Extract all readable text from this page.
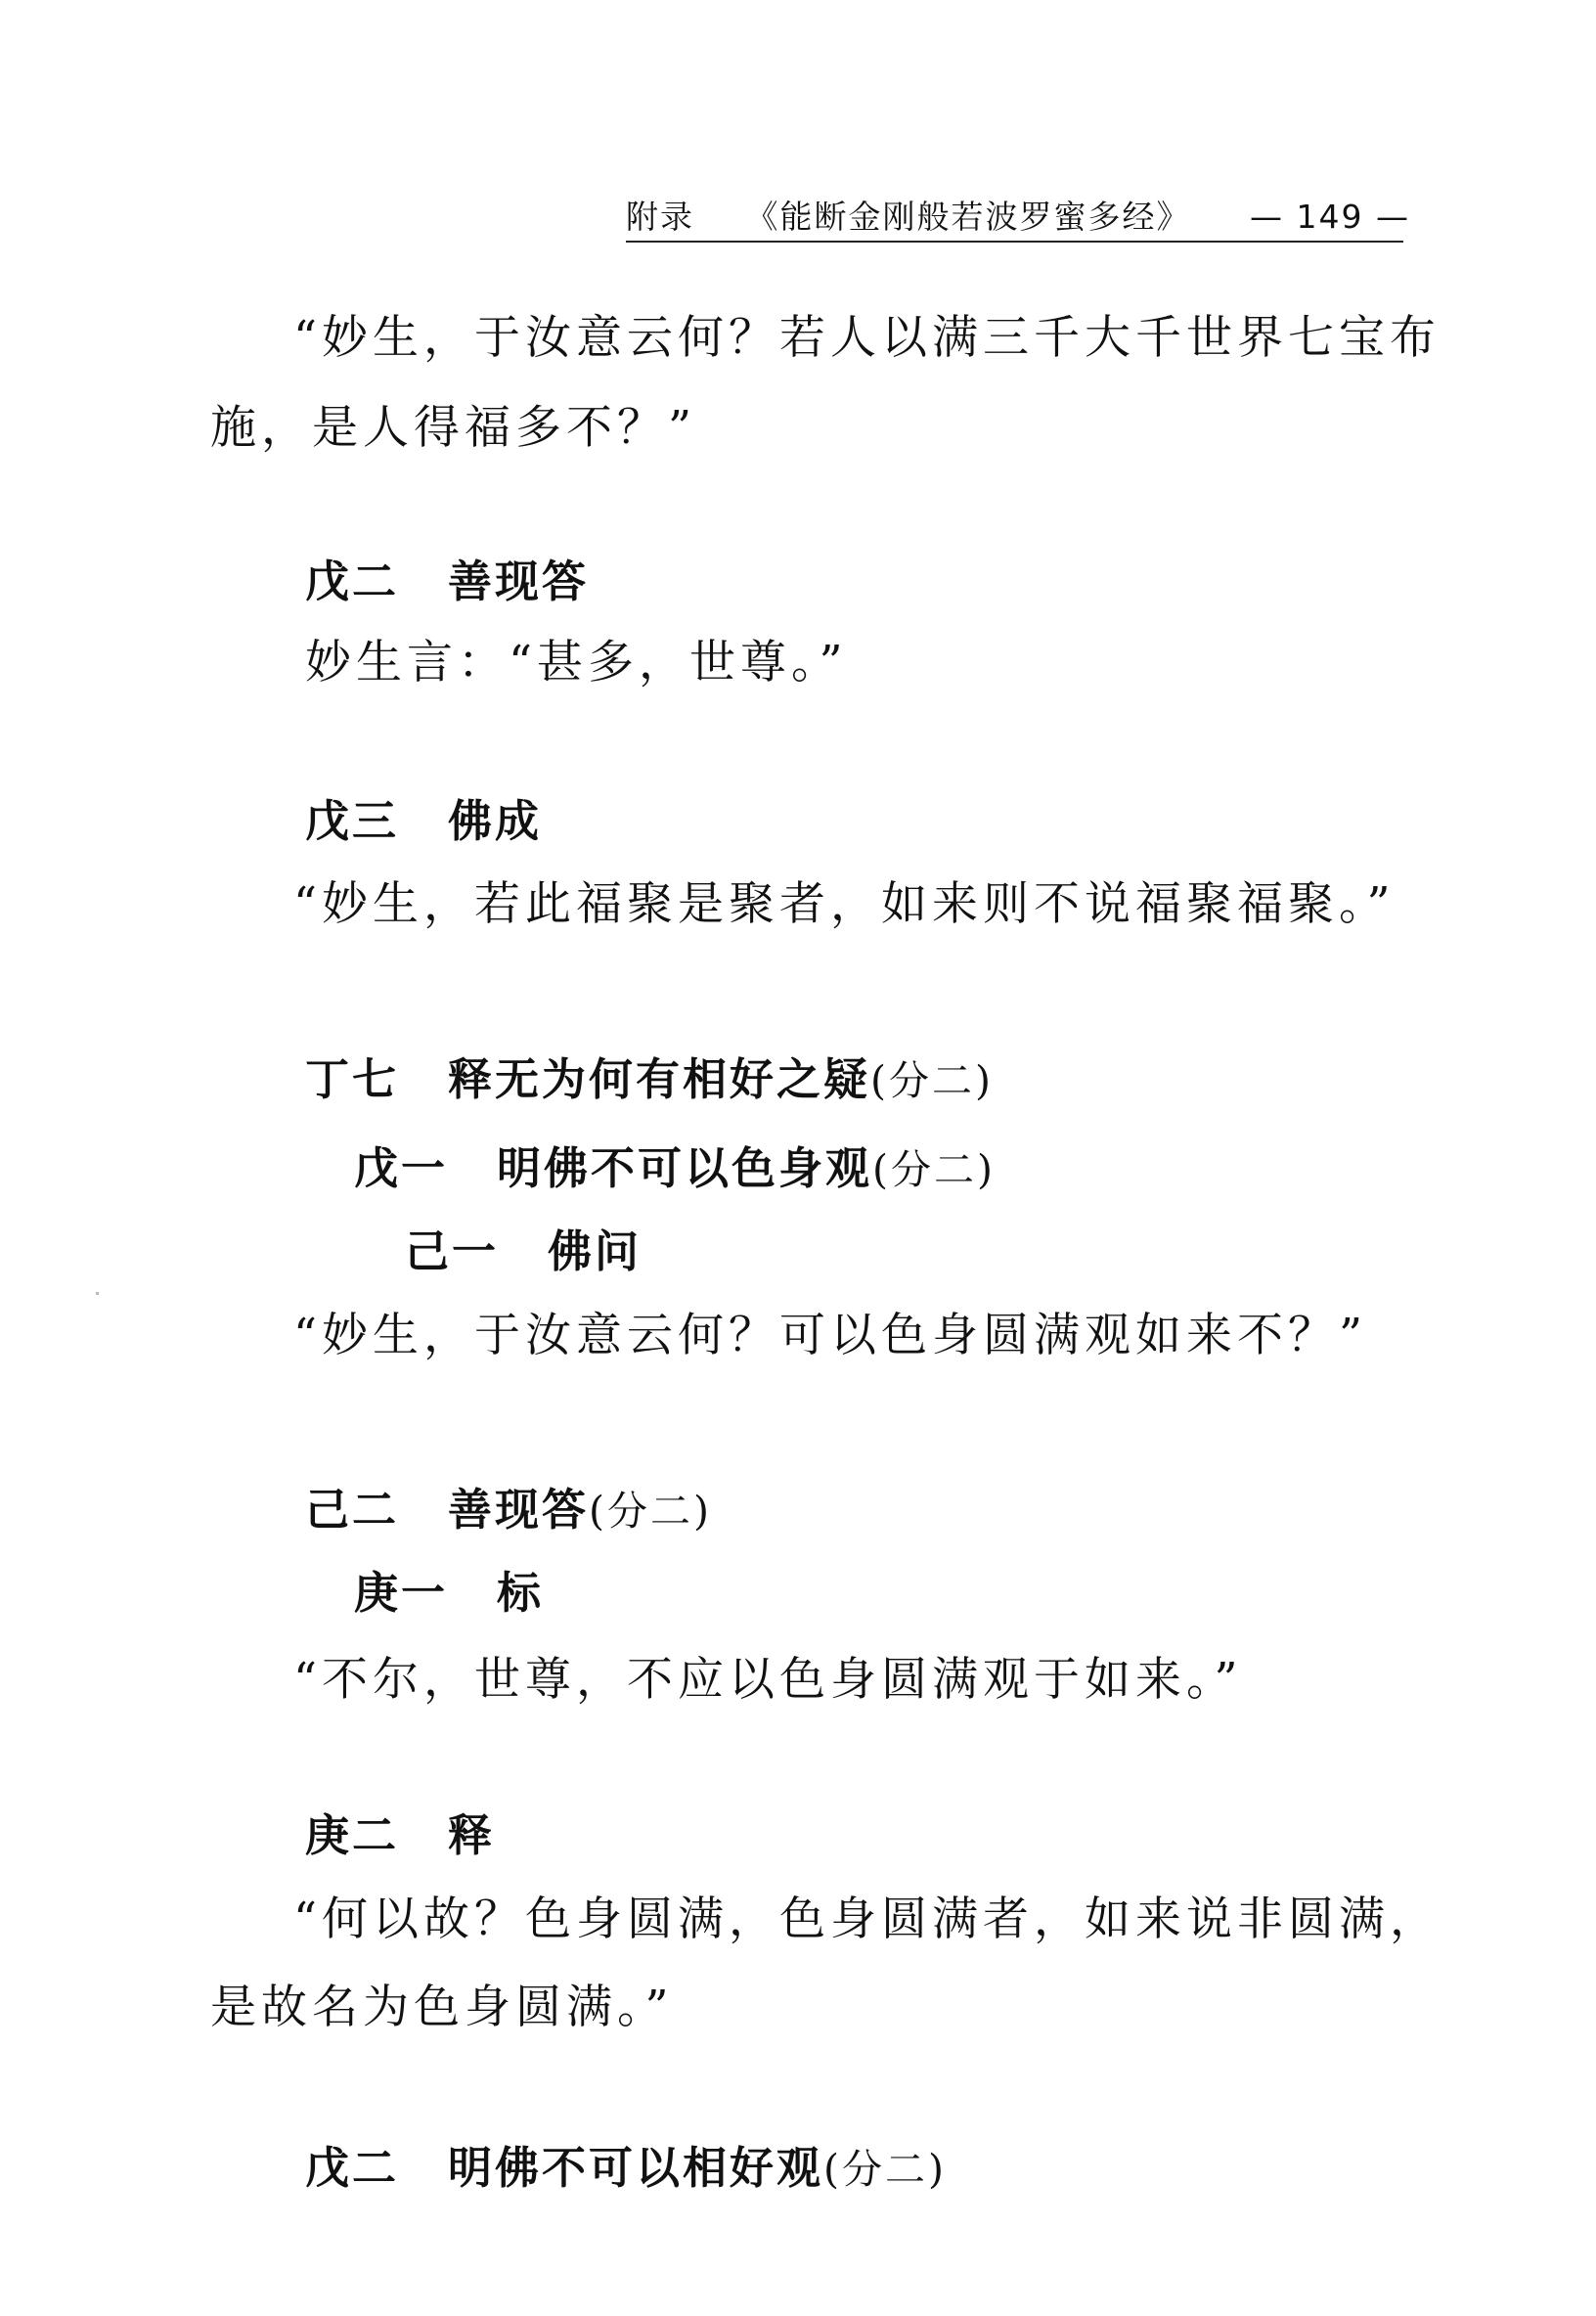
附录 《能断金刚般若波罗蜜多经》 — 149 —
“妙生，于汝意云何？若人以满三千大千世界七宝布
施，是人得福多不？”
戊二 善现答
妙生言：“甚多，世尊。”
戊三 佛成
“妙生，若此福聚是聚者，如来则不说福聚福聚。”
丁七 释无为何有相好之疑(分二)
戊一 明佛不可以色身观(分二)
己一 佛问
“妙生，于汝意云何？可以色身圆满观如来不？”
己二 善现答(分二)
庚一 标
“不尔，世尊，不应以色身圆满观于如来。”
庚二 释
“何以故？色身圆满，色身圆满者，如来说非圆满，
是故名为色身圆满。”
戊二 明佛不可以相好观(分二)
